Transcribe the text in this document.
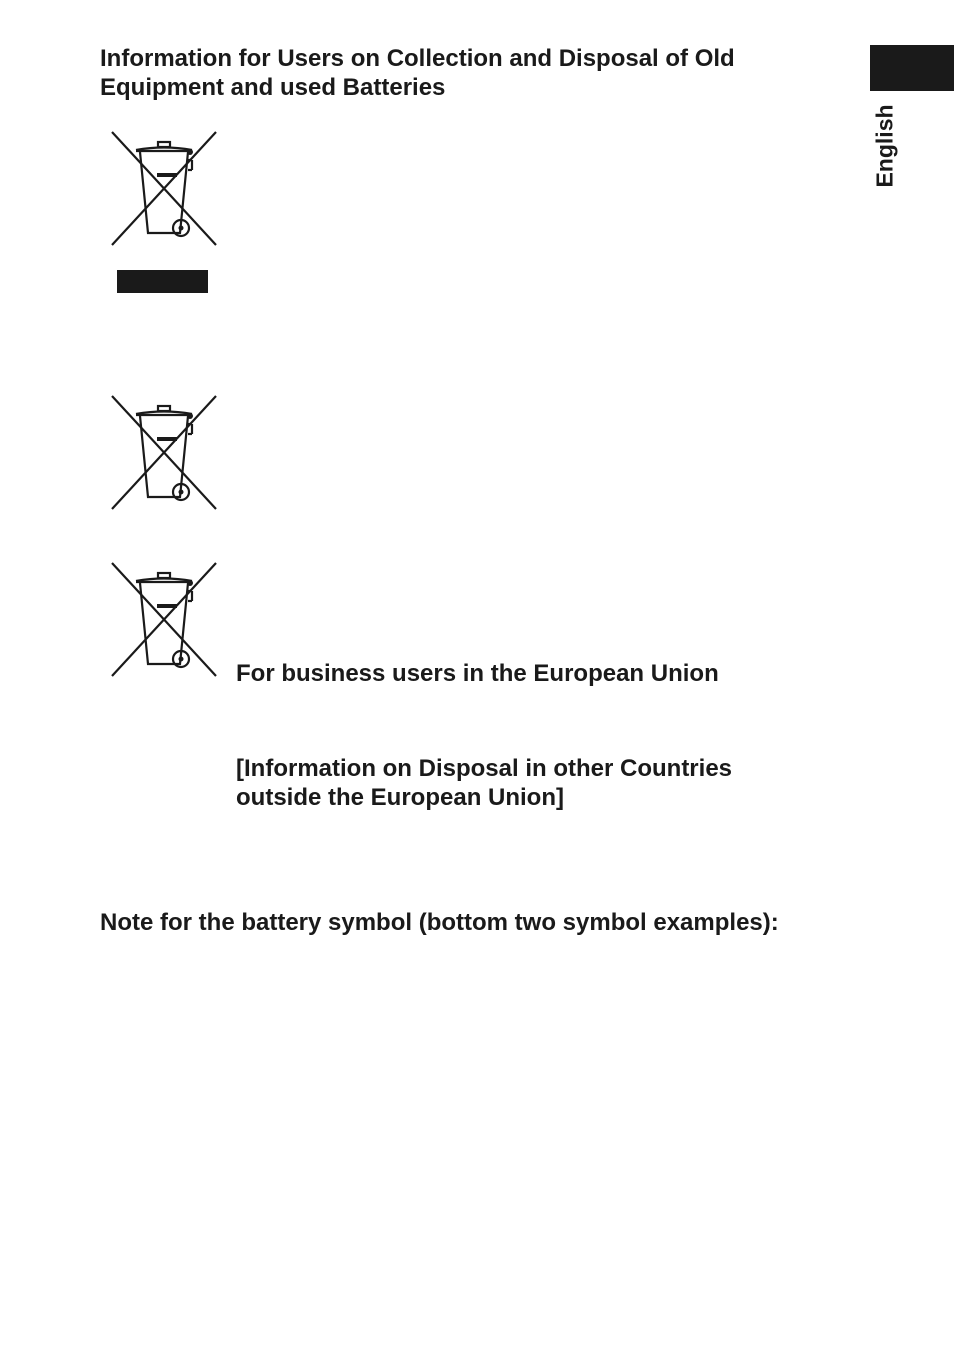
English
Information for Users on Collection and Disposal of Old
Equipment and used Batteries
For business users in the European Union
[Information on Disposal in other Countries
outside the European Union]
Note for the battery symbol (bottom two symbol examples):
